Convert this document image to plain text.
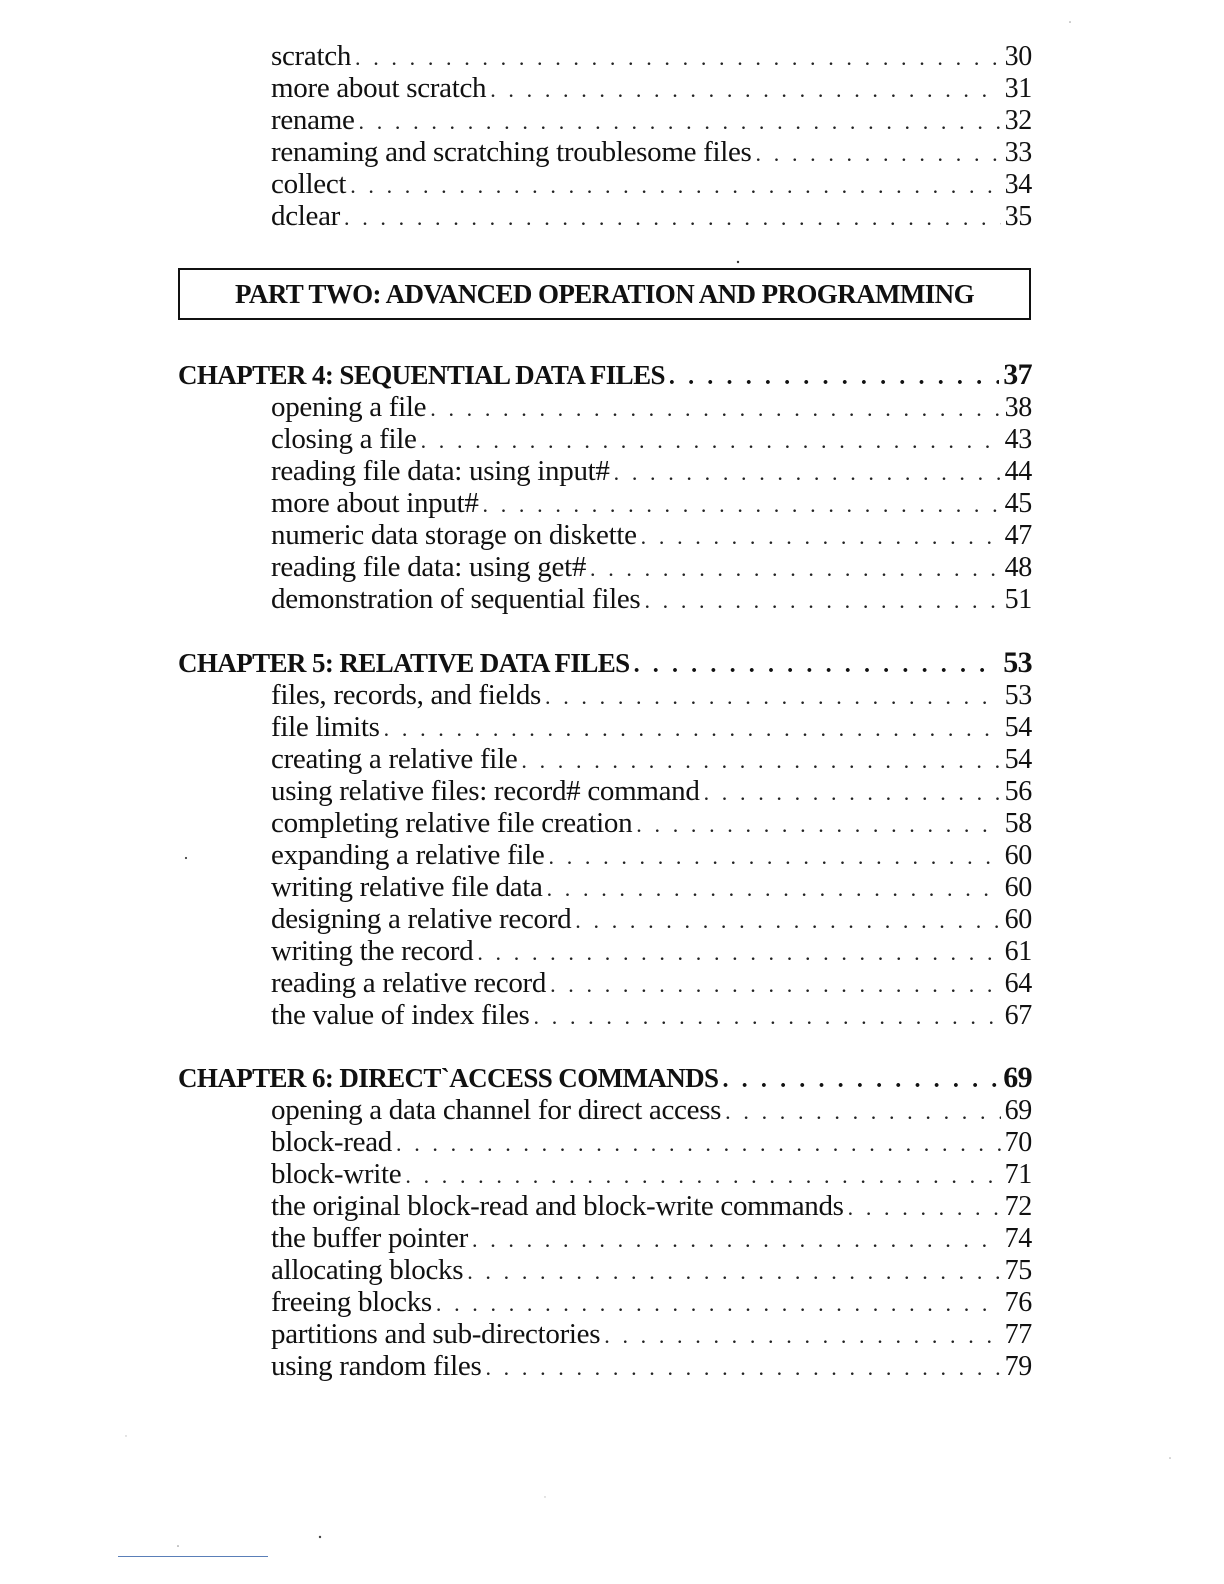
scratch . . .	30
more about scratch . . .	31
rename . . .	32
renaming and scratching troublesome files . . .	33
collect . . .	34
dclear . . .	35
PART TWO: ADVANCED OPERATION AND PROGRAMMING
CHAPTER 4: SEQUENTIAL DATA FILES . . .	37
opening a file . . .	38
closing a file . . .	43
reading file data: using input# . . .	44
more about input# . . .	45
numeric data storage on diskette . . .	47
reading file data: using get# . . .	48
demonstration of sequential files . . .	51
CHAPTER 5: RELATIVE DATA FILES . . .	53
files, records, and fields . . .	53
file limits . . .	54
creating a relative file . . .	54
using relative files: record# command . . .	56
completing relative file creation . . .	58
expanding a relative file . . .	60
writing relative file data . . .	60
designing a relative record . . .	60
writing the record . . .	61
reading a relative record . . .	64
the value of index files . . .	67
CHAPTER 6: DIRECT`ACCESS COMMANDS . . .	69
opening a data channel for direct access . . .	69
block-read . . .	70
block-write . . .	71
the original block-read and block-write commands . . .	72
the buffer pointer . . .	74
allocating blocks . . .	75
freeing blocks . . .	76
partitions and sub-directories . . .	77
using random files . . .	79
